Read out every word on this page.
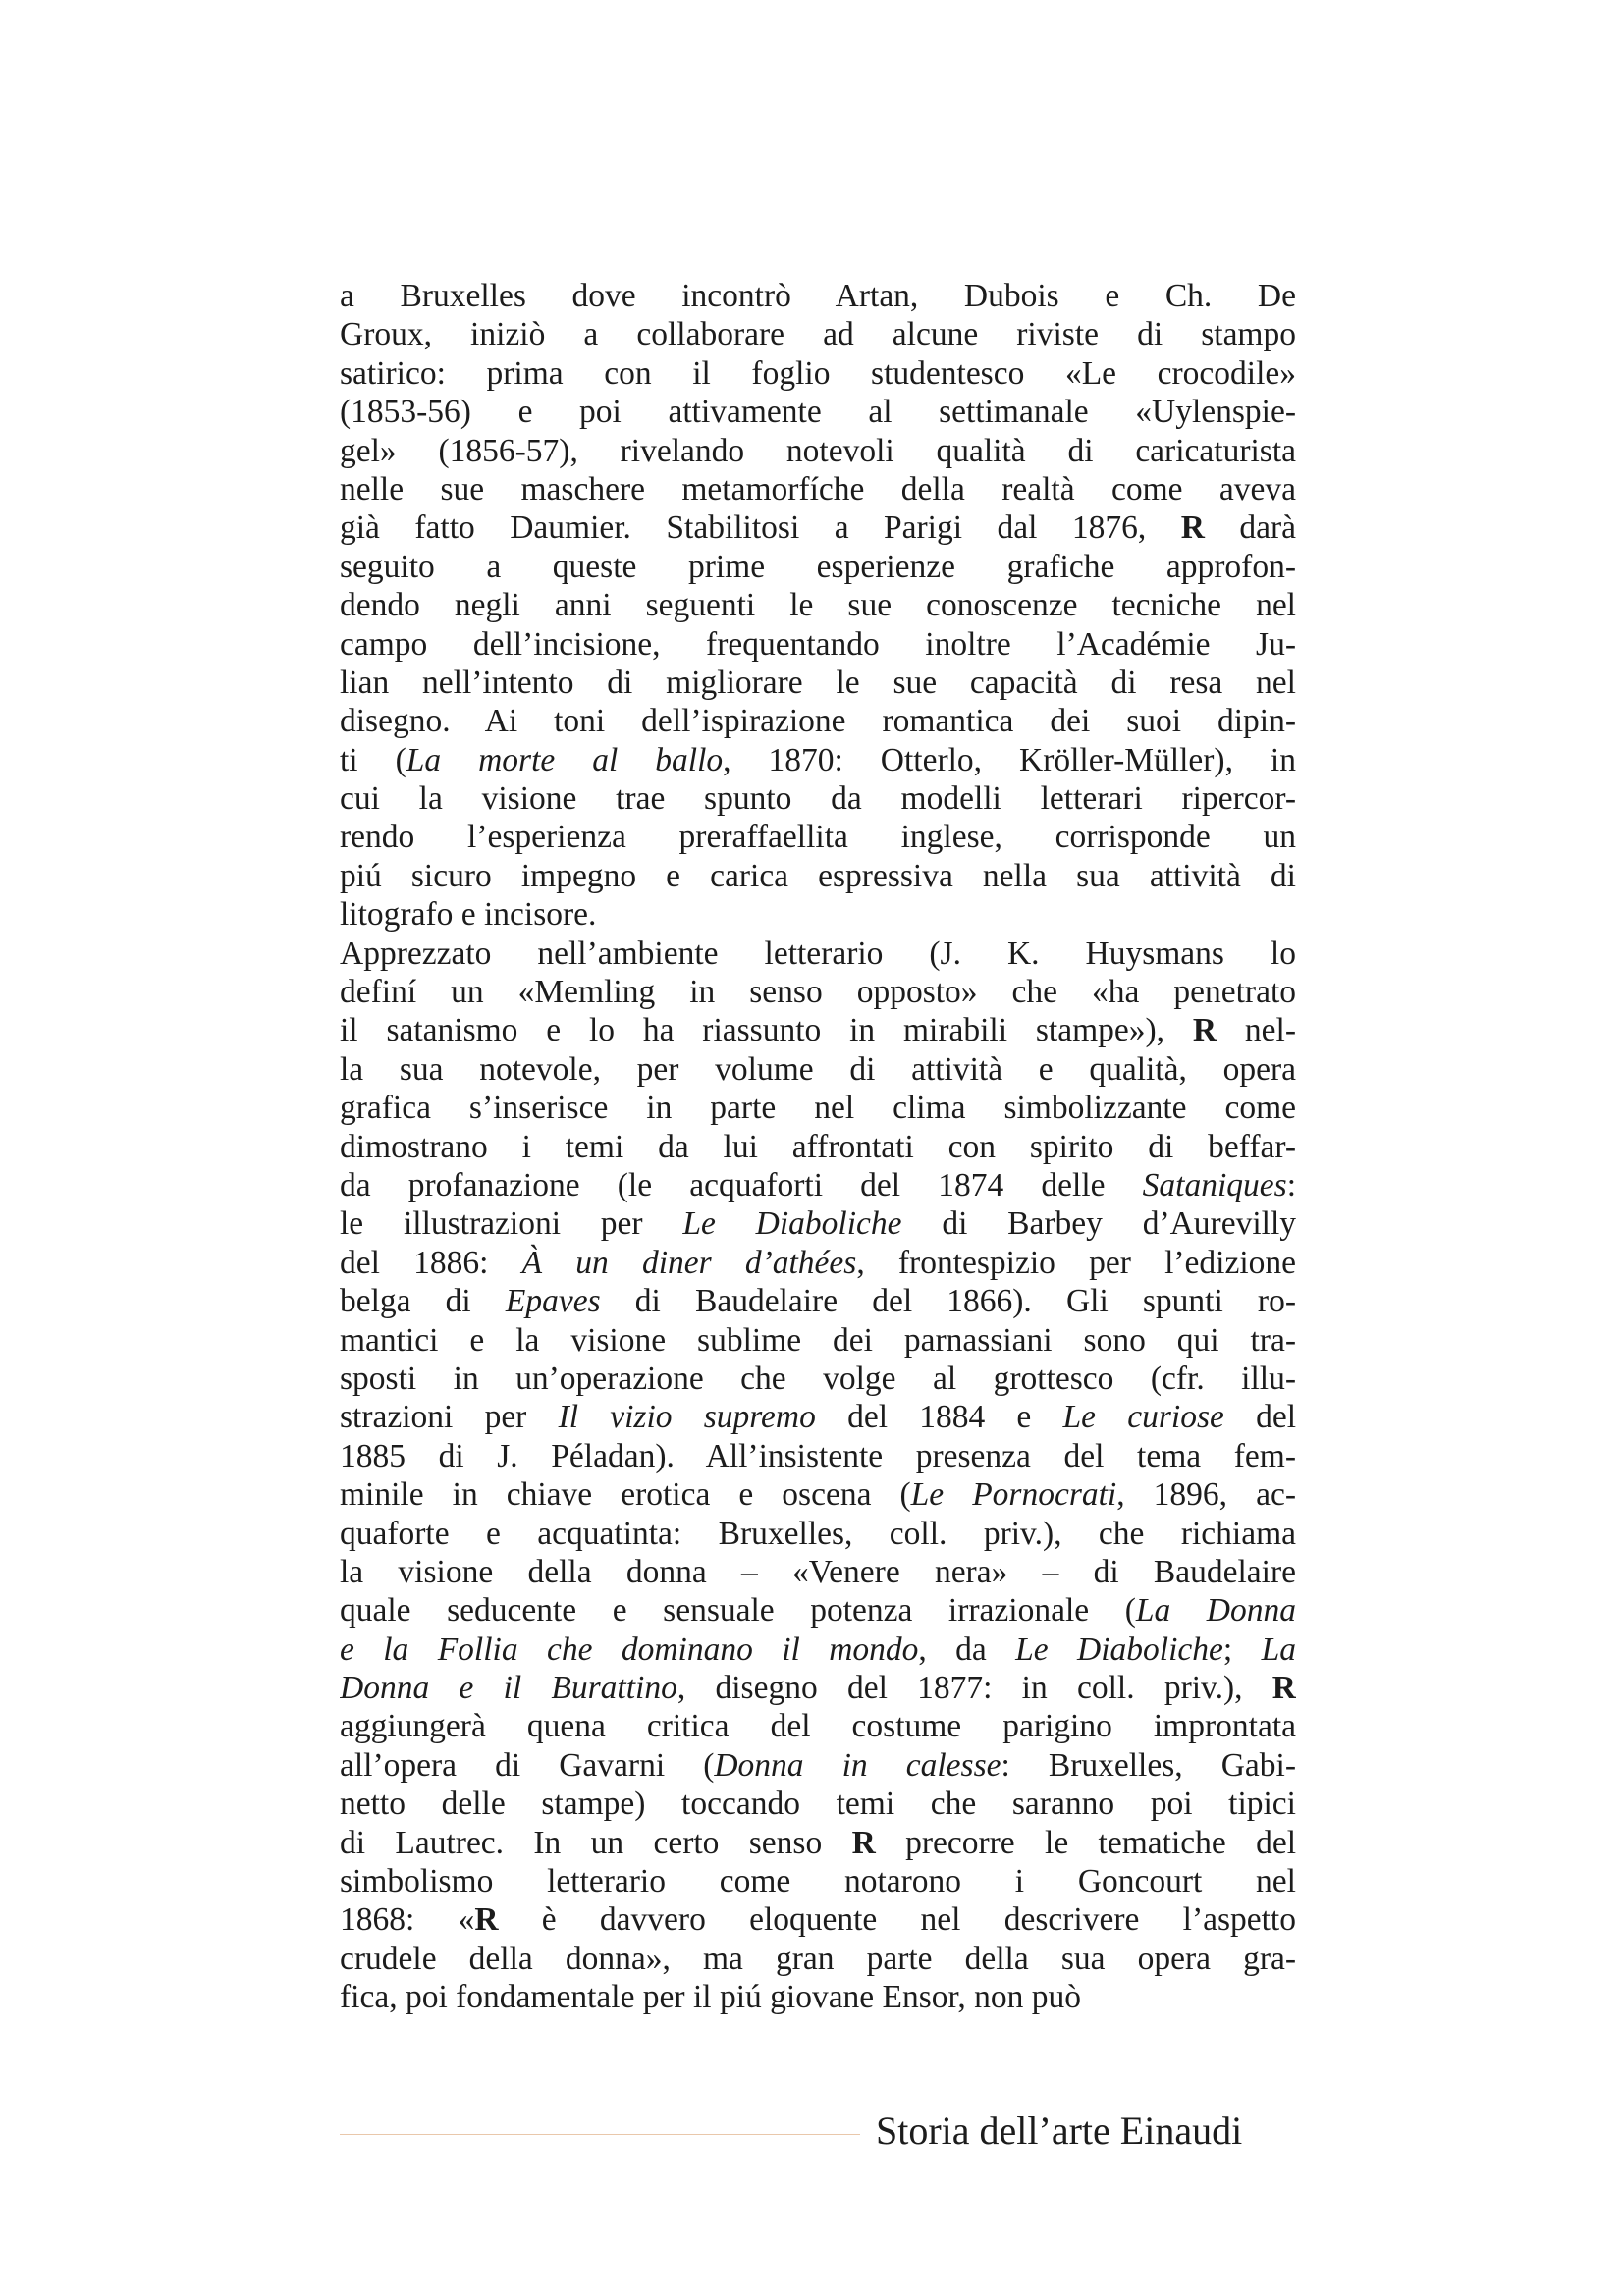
a Bruxelles dove incontrò Artan, Dubois e Ch. De
Groux, iniziò a collaborare ad alcune riviste di stampo
satirico: prima con il foglio studentesco «Le crocodile»
(1853-56) e poi attivamente al settimanale «Uylenspie-
gel» (1856-57), rivelando notevoli qualità di caricaturista
nelle sue maschere metamorfíche della realtà come aveva
già fatto Daumier. Stabilitosi a Parigi dal 1876, R darà
seguito a queste prime esperienze grafiche approfon-
dendo negli anni seguenti le sue conoscenze tecniche nel
campo dell’incisione, frequentando inoltre l’Académie Ju-
lian nell’intento di migliorare le sue capacità di resa nel
disegno. Ai toni dell’ispirazione romantica dei suoi dipin-
ti (La morte al ballo, 1870: Otterlo, Kröller-Müller), in
cui la visione trae spunto da modelli letterari ripercor-
rendo l’esperienza preraffaellita inglese, corrisponde un
piú sicuro impegno e carica espressiva nella sua attività di
litografo e incisore.
Apprezzato nell’ambiente letterario (J. K. Huysmans lo
definí un «Memling in senso opposto» che «ha penetrato
il satanismo e lo ha riassunto in mirabili stampe»), R nel-
la sua notevole, per volume di attività e qualità, opera
grafica s’inserisce in parte nel clima simbolizzante come
dimostrano i temi da lui affrontati con spirito di beffar-
da profanazione (le acquaforti del 1874 delle Sataniques:
le illustrazioni per Le Diaboliche di Barbey d’Aurevilly
del 1886: À un diner d’athées, frontespizio per l’edizione
belga di Epaves di Baudelaire del 1866). Gli spunti ro-
mantici e la visione sublime dei parnassiani sono qui tra-
sposti in un’operazione che volge al grottesco (cfr. illu-
strazioni per Il vizio supremo del 1884 e Le curiose del
1885 di J. Péladan). All’insistente presenza del tema fem-
minile in chiave erotica e oscena (Le Pornocrati, 1896, ac-
quaforte e acquatinta: Bruxelles, coll. priv.), che richiama
la visione della donna – «Venere nera» – di Baudelaire
quale seducente e sensuale potenza irrazionale (La Donna
e la Follia che dominano il mondo, da Le Diaboliche; La
Donna e il Burattino, disegno del 1877: in coll. priv.), R
aggiungerà quena critica del costume parigino improntata
all’opera di Gavarni (Donna in calesse: Bruxelles, Gabi-
netto delle stampe) toccando temi che saranno poi tipici
di Lautrec. In un certo senso R precorre le tematiche del
simbolismo letterario come notarono i Goncourt nel
1868: «R è davvero eloquente nel descrivere l’aspetto
crudele della donna», ma gran parte della sua opera gra-
fica, poi fondamentale per il piú giovane Ensor, non può
Storia dell’arte Einaudi
